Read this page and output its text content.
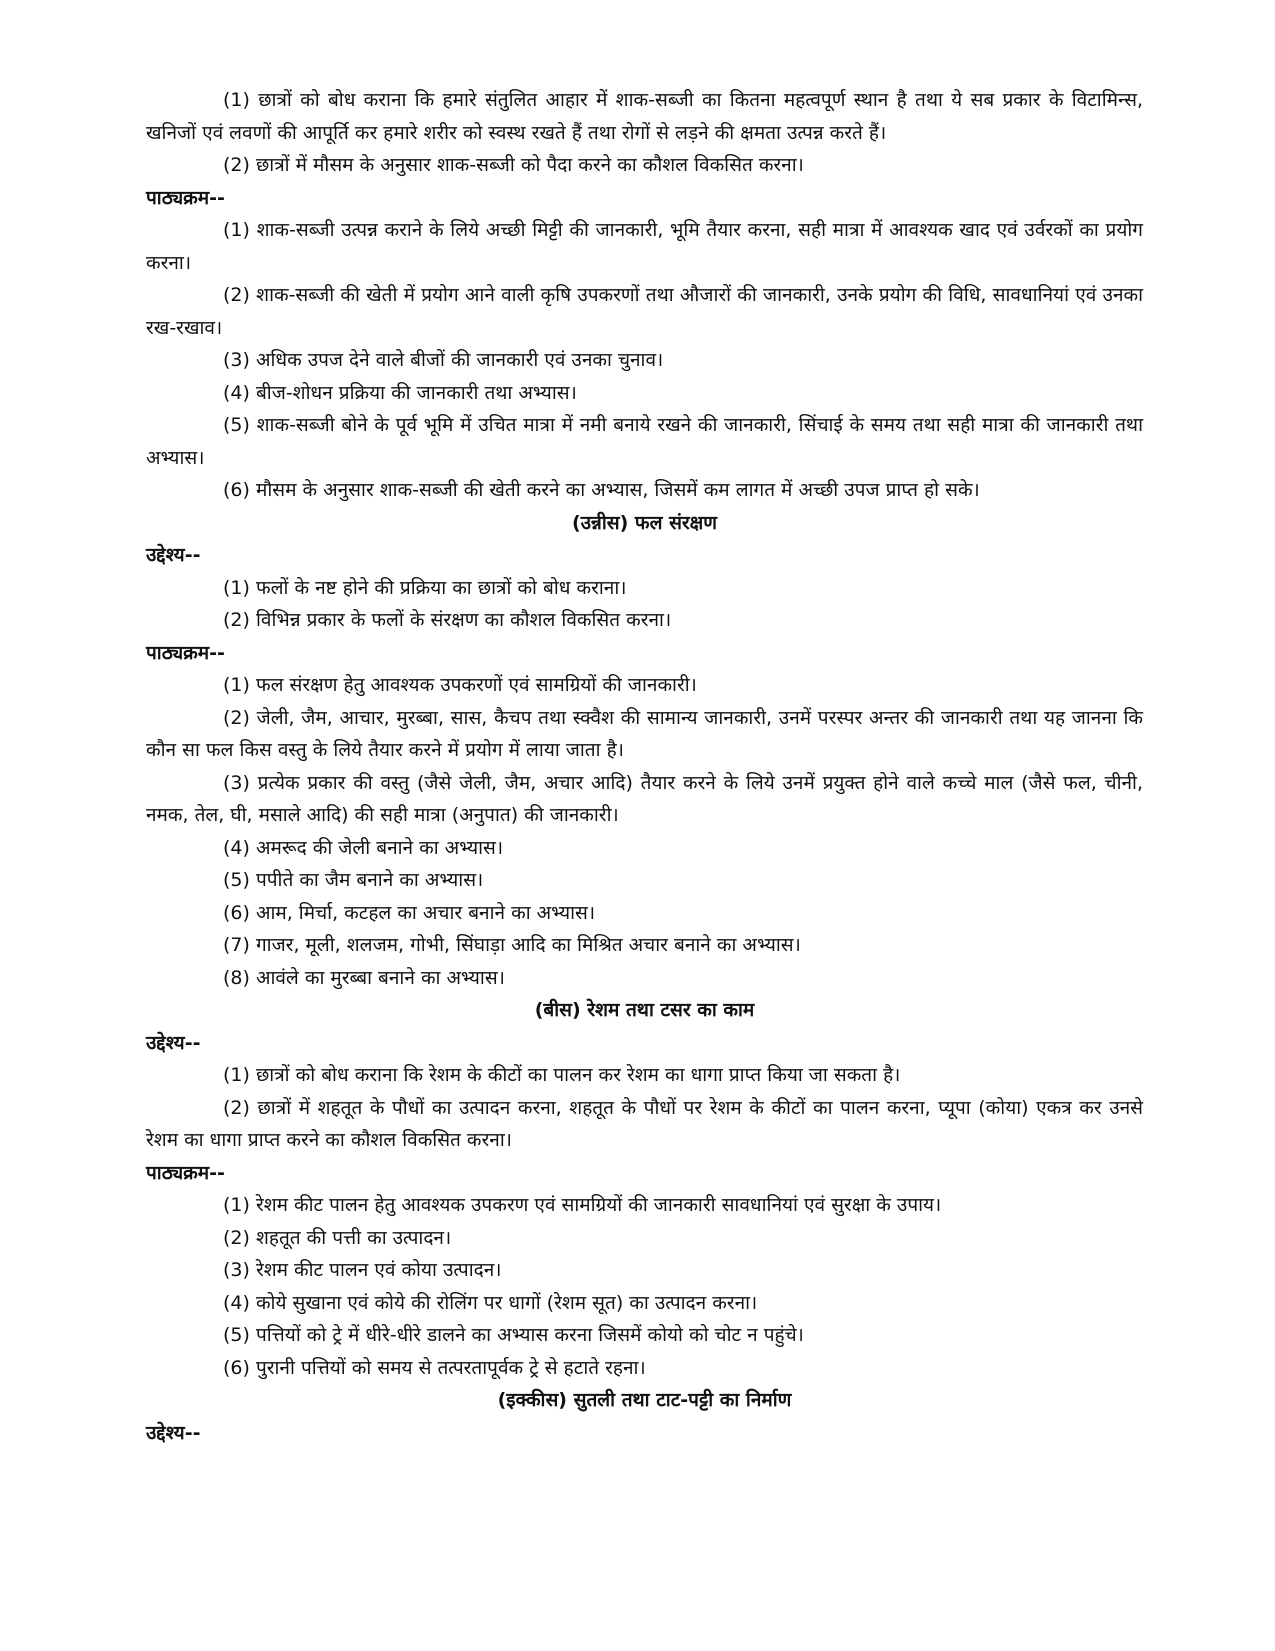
(1) छात्रों को बोध कराना कि हमारे संतुलित आहार में शाक-सब्जी का कितना महत्वपूर्ण स्थान है तथा ये सब प्रकार के विटामिन्स, खनिजों एवं लवणों की आपूर्ति कर हमारे शरीर को स्वस्थ रखते हैं तथा रोगों से लड़ने की क्षमता उत्पन्न करते हैं।

(2) छात्रों में मौसम के अनुसार शाक-सब्जी को पैदा करने का कौशल विकसित करना।

पाठ्यक्रम--

(1) शाक-सब्जी उत्पन्न कराने के लिये अच्छी मिट्टी की जानकारी, भूमि तैयार करना, सही मात्रा में आवश्यक खाद एवं उर्वरकों का प्रयोग करना।

(2) शाक-सब्जी की खेती में प्रयोग आने वाली कृषि उपकरणों तथा औजारों की जानकारी, उनके प्रयोग की विधि, सावधानियां एवं उनका रख-रखाव।

(3) अधिक उपज देने वाले बीजों की जानकारी एवं उनका चुनाव।

(4) बीज-शोधन प्रक्रिया की जानकारी तथा अभ्यास।

(5) शाक-सब्जी बोने के पूर्व भूमि में उचित मात्रा में नमी बनाये रखने की जानकारी, सिंचाई के समय तथा सही मात्रा की जानकारी तथा अभ्यास।

(6) मौसम के अनुसार शाक-सब्जी की खेती करने का अभ्यास, जिसमें कम लागत में अच्छी उपज प्राप्त हो सके।

(उन्नीस) फल संरक्षण

उद्देश्य--

(1) फलों के नष्ट होने की प्रक्रिया का छात्रों को बोध कराना।

(2) विभिन्न प्रकार के फलों के संरक्षण का कौशल विकसित करना।

पाठ्यक्रम--

(1) फल संरक्षण हेतु आवश्यक उपकरणों एवं सामग्रियों की जानकारी।

(2) जेली, जैम, आचार, मुरब्बा, सास, कैचप तथा स्क्वैश की सामान्य जानकारी, उनमें परस्पर अन्तर की जानकारी तथा यह जानना कि कौन सा फल किस वस्तु के लिये तैयार करने में प्रयोग में लाया जाता है।

(3) प्रत्येक प्रकार की वस्तु (जैसे जेली, जैम, अचार आदि) तैयार करने के लिये उनमें प्रयुक्त होने वाले कच्चे माल (जैसे फल, चीनी, नमक, तेल, घी, मसाले आदि) की सही मात्रा (अनुपात) की जानकारी।

(4) अमरूद की जेली बनाने का अभ्यास।

(5) पपीते का जैम बनाने का अभ्यास।

(6) आम, मिर्चा, कटहल का अचार बनाने का अभ्यास।

(7) गाजर, मूली, शलजम, गोभी, सिंघाड़ा आदि का मिश्रित अचार बनाने का अभ्यास।

(8) आवंले का मुरब्बा बनाने का अभ्यास।

(बीस) रेशम तथा टसर का काम

उद्देश्य--

(1) छात्रों को बोध कराना कि रेशम के कीटों का पालन कर रेशम का धागा प्राप्त किया जा सकता है।

(2) छात्रों में शहतूत के पौधों का उत्पादन करना, शहतूत के पौधों पर रेशम के कीटों का पालन करना, प्यूपा (कोया) एकत्र कर उनसे रेशम का धागा प्राप्त करने का कौशल विकसित करना।

पाठ्यक्रम--

(1) रेशम कीट पालन हेतु आवश्यक उपकरण एवं सामग्रियों की जानकारी सावधानियां एवं सुरक्षा के उपाय।

(2) शहतूत की पत्ती का उत्पादन।

(3) रेशम कीट पालन एवं कोया उत्पादन।

(4) कोये सुखाना एवं कोये की रोलिंग पर धागों (रेशम सूत) का उत्पादन करना।

(5) पत्तियों को ट्रे में धीरे-धीरे डालने का अभ्यास करना जिसमें कोयो को चोट न पहुंचे।

(6) पुरानी पत्तियों को समय से तत्परतापूर्वक ट्रे से हटाते रहना।

(इक्कीस) सुतली तथा टाट-पट्टी का निर्माण

उद्देश्य--
